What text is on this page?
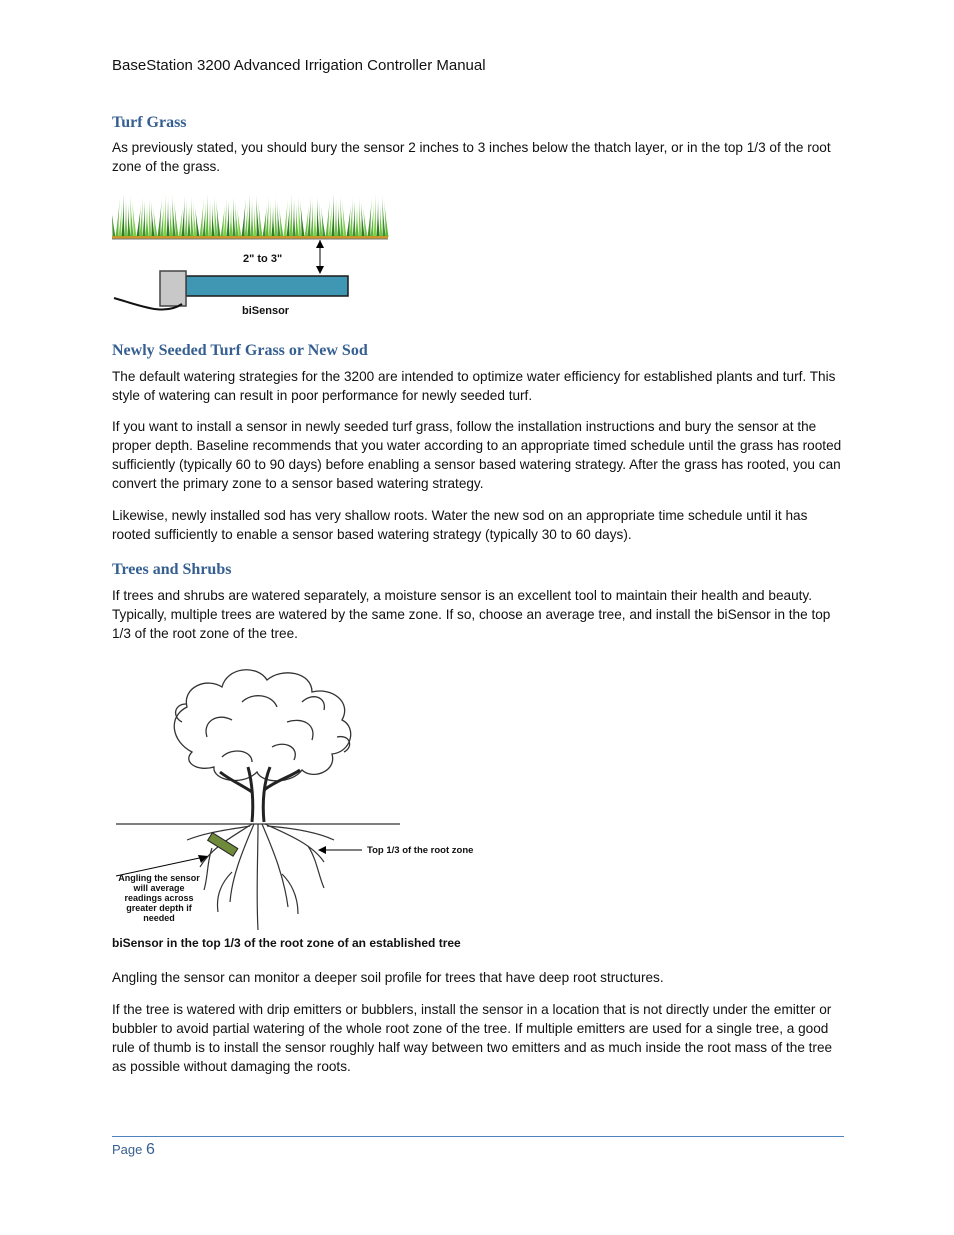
BaseStation 3200 Advanced Irrigation Controller Manual
Turf Grass
As previously stated, you should bury the sensor 2 inches to 3 inches below the thatch layer, or in the top 1/3 of the root zone of the grass.
2" to 3"
biSensor
Newly Seeded Turf Grass or New Sod
The default watering strategies for the 3200 are intended to optimize water efficiency for established plants and turf. This style of watering can result in poor performance for newly seeded turf.
If you want to install a sensor in newly seeded turf grass, follow the installation instructions and bury the sensor at the proper depth. Baseline recommends that you water according to an appropriate timed schedule until the grass has rooted sufficiently (typically 60 to 90 days) before enabling a sensor based watering strategy. After the grass has rooted, you can convert the primary zone to a sensor based watering strategy.
Likewise, newly installed sod has very shallow roots. Water the new sod on an appropriate time schedule until it has rooted sufficiently to enable a sensor based watering strategy (typically 30 to 60 days).
Trees and Shrubs
If trees and shrubs are watered separately, a moisture sensor is an excellent tool to maintain their health and beauty. Typically, multiple trees are watered by the same zone. If so, choose an average tree, and install the biSensor in the top 1/3 of the root zone of the tree.
Top 1/3 of the root zone
Angling the sensor
will average
readings across
greater depth if
needed
biSensor in the top 1/3 of the root zone of an established tree
Angling the sensor can monitor a deeper soil profile for trees that have deep root structures.
If the tree is watered with drip emitters or bubblers, install the sensor in a location that is not directly under the emitter or bubbler to avoid partial watering of the whole root zone of the tree. If multiple emitters are used for a single tree, a good rule of thumb is to install the sensor roughly half way between two emitters and as much inside the root mass of the tree as possible without damaging the roots.
Page 6
